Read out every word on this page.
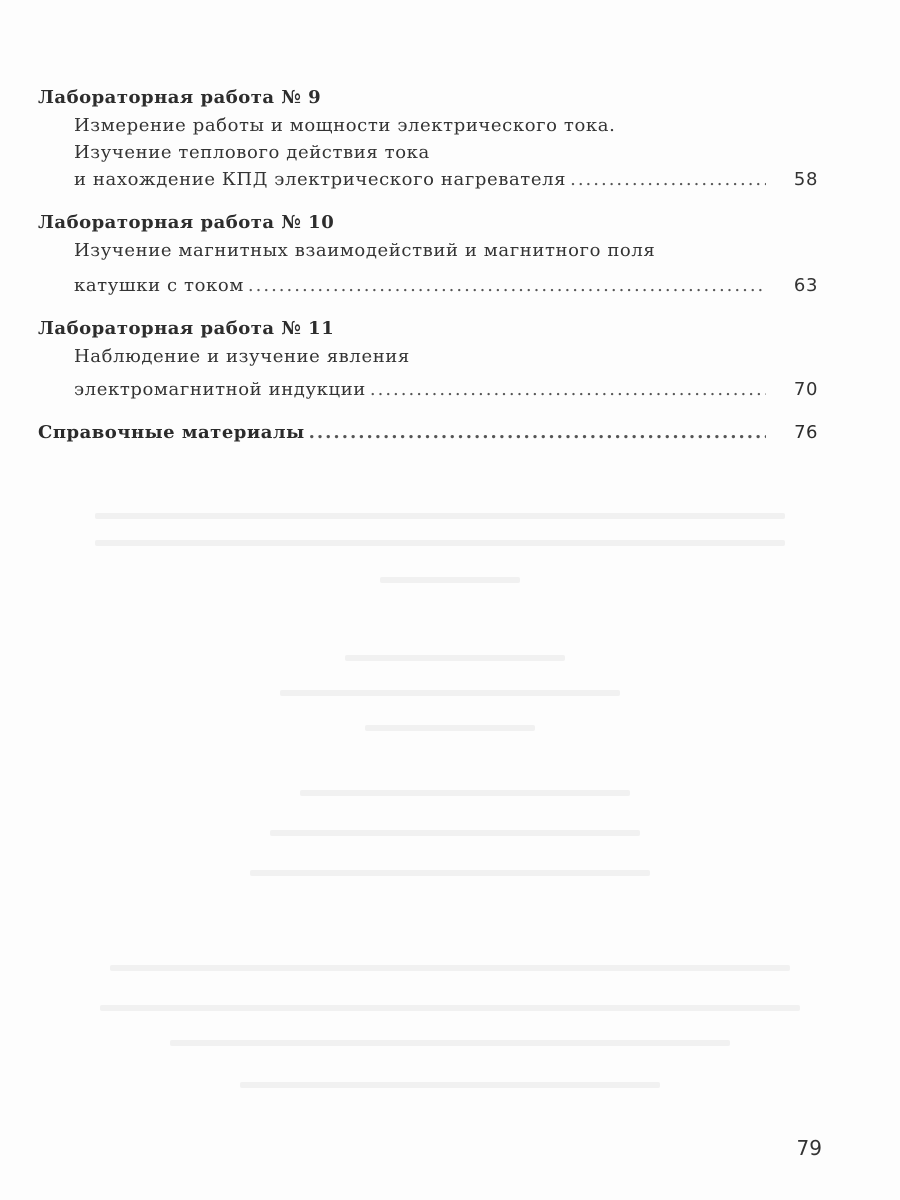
Лабораторная работа № 9
Измерение работы и мощности электрического тока.
Изучение теплового действия тока
и нахождение КПД электрического нагревателя .....	58
Лабораторная работа № 10
Изучение магнитных взаимодействий и магнитного поля
катушки с током .....	63
Лабораторная работа № 11
Наблюдение и изучение явления
электромагнитной индукции .....	70
Справочные материалы .....	76
79
